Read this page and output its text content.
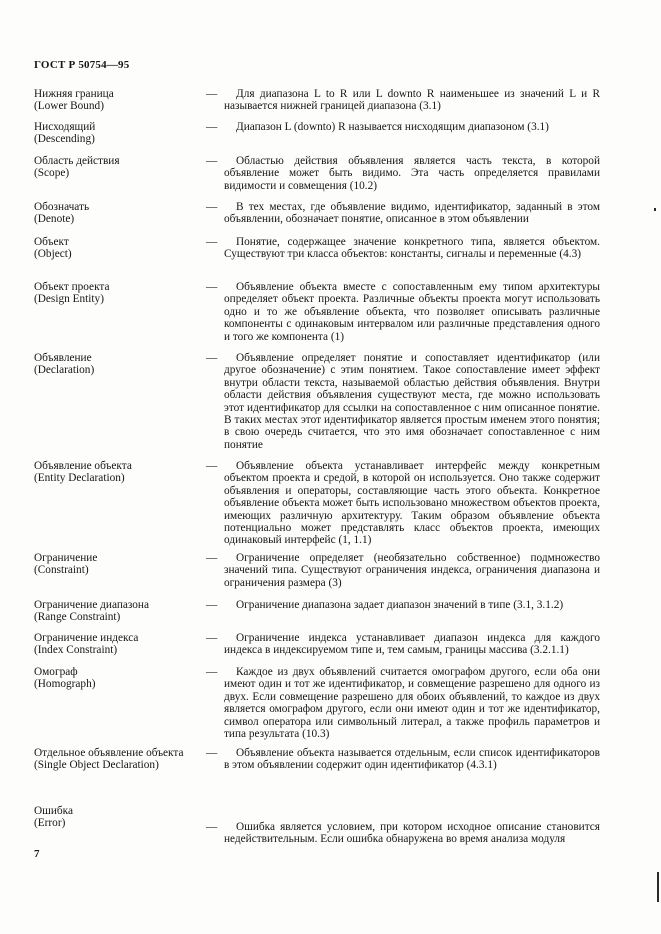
ГОСТ Р 50754—95
Нижняя граница
(Lower Bound)
—	Для диапазона L to R или L downto R наименьшее из значений L и R называется нижней границей диапазона (3.1)
Нисходящий
(Descending)
—	Диапазон L (downto) R называется нисходящим диапазоном (3.1)
Область действия
(Scope)
—	Областью действия объявления является часть текста, в которой объявление может быть видимо. Эта часть определяется правилами видимости и совмещения (10.2)
Обозначать
(Denote)
—	В тех местах, где объявление видимо, идентификатор, заданный в этом объявлении, обозначает понятие, описанное в этом объявлении
Объект
(Object)
—	Понятие, содержащее значение конкретного типа, является объектом. Существуют три класса объектов: константы, сигналы и переменные (4.3)
Объект проекта
(Design Entity)
—	Объявление объекта вместе с сопоставленным ему типом архитектуры определяет объект проекта. Различные объекты проекта могут использовать одно и то же объявление объекта, что позволяет описывать различные компоненты с одинаковым интервалом или различные представления одного и того же компонента (1)
Объявление
(Declaration)
—	Объявление определяет понятие и сопоставляет идентификатор (или другое обозначение) с этим понятием. Такое сопоставление имеет эффект внутри области текста, называемой областью действия объявления. Внутри области действия объявления существуют места, где можно использовать этот идентификатор для ссылки на сопоставленное с ним описанное понятие. В таких местах этот идентификатор является простым именем этого понятия; в свою очередь считается, что это имя обозначает сопоставленное с ним понятие
Объявление объекта
(Entity Declaration)
—	Объявление объекта устанавливает интерфейс между конкретным объектом проекта и средой, в которой он используется. Оно также содержит объявления и операторы, составляющие часть этого объекта. Конкретное объявление объекта может быть использовано множеством объектов проекта, имеющих различную архитектуру. Таким образом объявление объекта потенциально может представлять класс объектов проекта, имеющих одинаковый интерфейс (1, 1.1)
Ограничение
(Constraint)
—	Ограничение определяет (необязательно собственное) подмножество значений типа. Существуют ограничения индекса, ограничения диапазона и ограничения размера (3)
Ограничение диапазона
(Range Constraint)
—	Ограничение диапазона задает диапазон значений в типе (3.1, 3.1.2)
Ограничение индекса
(Index Constraint)
—	Ограничение индекса устанавливает диапазон индекса для каждого индекса в индексируемом типе и, тем самым, границы массива (3.2.1.1)
Омограф
(Homograph)
—	Каждое из двух объявлений считается омографом другого, если оба они имеют один и тот же идентификатор, и совмещение разрешено для одного из двух. Если совмещение разрешено для обоих объявлений, то каждое из двух является омографом другого, если они имеют один и тот же идентификатор, символ оператора или символьный литерал, а также профиль параметров и типа результата (10.3)
Отдельное объявление объекта
(Single Object Declaration)
—	Объявление объекта называется отдельным, если список идентификаторов в этом объявлении содержит один идентификатор (4.3.1)
Ошибка
(Error)	—	Ошибка является условием, при котором исходное описание становится недействительным. Если ошибка обнаружена во время анализа модуля
7
